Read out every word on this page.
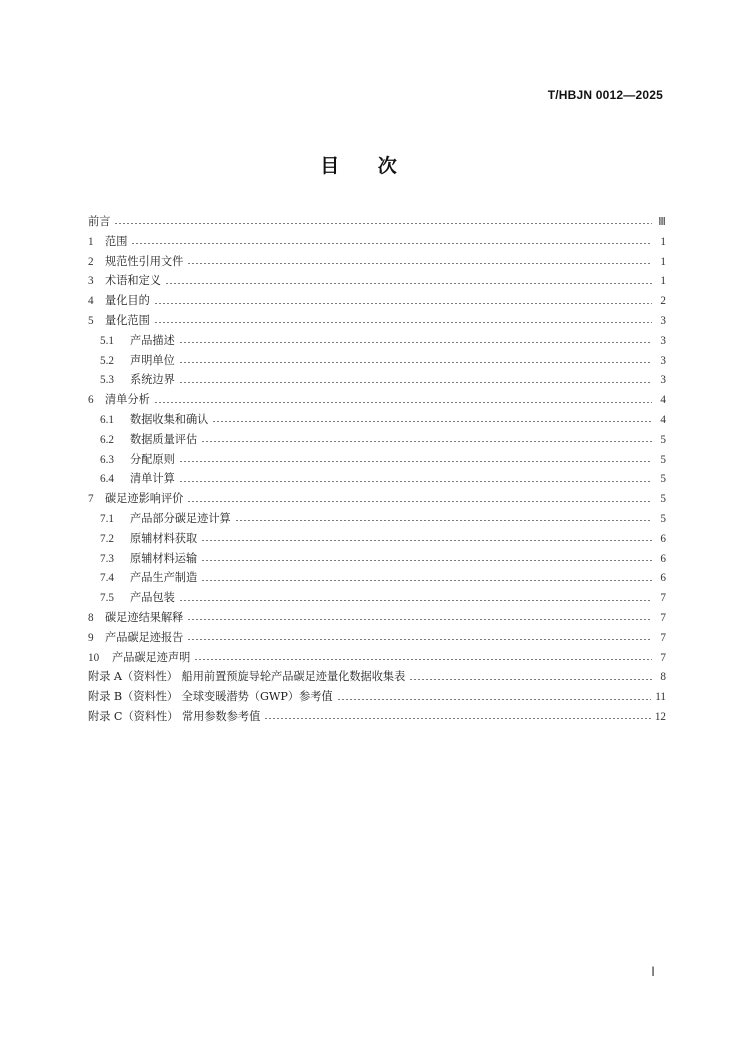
T/HBJN 0012—2025
目 次
前言	Ⅲ
1	范围	1
2	规范性引用文件	1
3	术语和定义	1
4	量化目的	2
5	量化范围	3
5.1	产品描述	3
5.2	声明单位	3
5.3	系统边界	3
6	清单分析	4
6.1	数据收集和确认	4
6.2	数据质量评估	5
6.3	分配原则	5
6.4	清单计算	5
7	碳足迹影响评价	5
7.1	产品部分碳足迹计算	5
7.2	原辅材料获取	6
7.3	原辅材料运输	6
7.4	产品生产制造	6
7.5	产品包装	7
8	碳足迹结果解释	7
9	产品碳足迹报告	7
10	产品碳足迹声明	7
附录 A（资料性） 船用前置预旋导轮产品碳足迹量化数据收集表	8
附录 B（资料性） 全球变暖潜势（GWP）参考值	11
附录 C（资料性） 常用参数参考值	12
Ⅰ
